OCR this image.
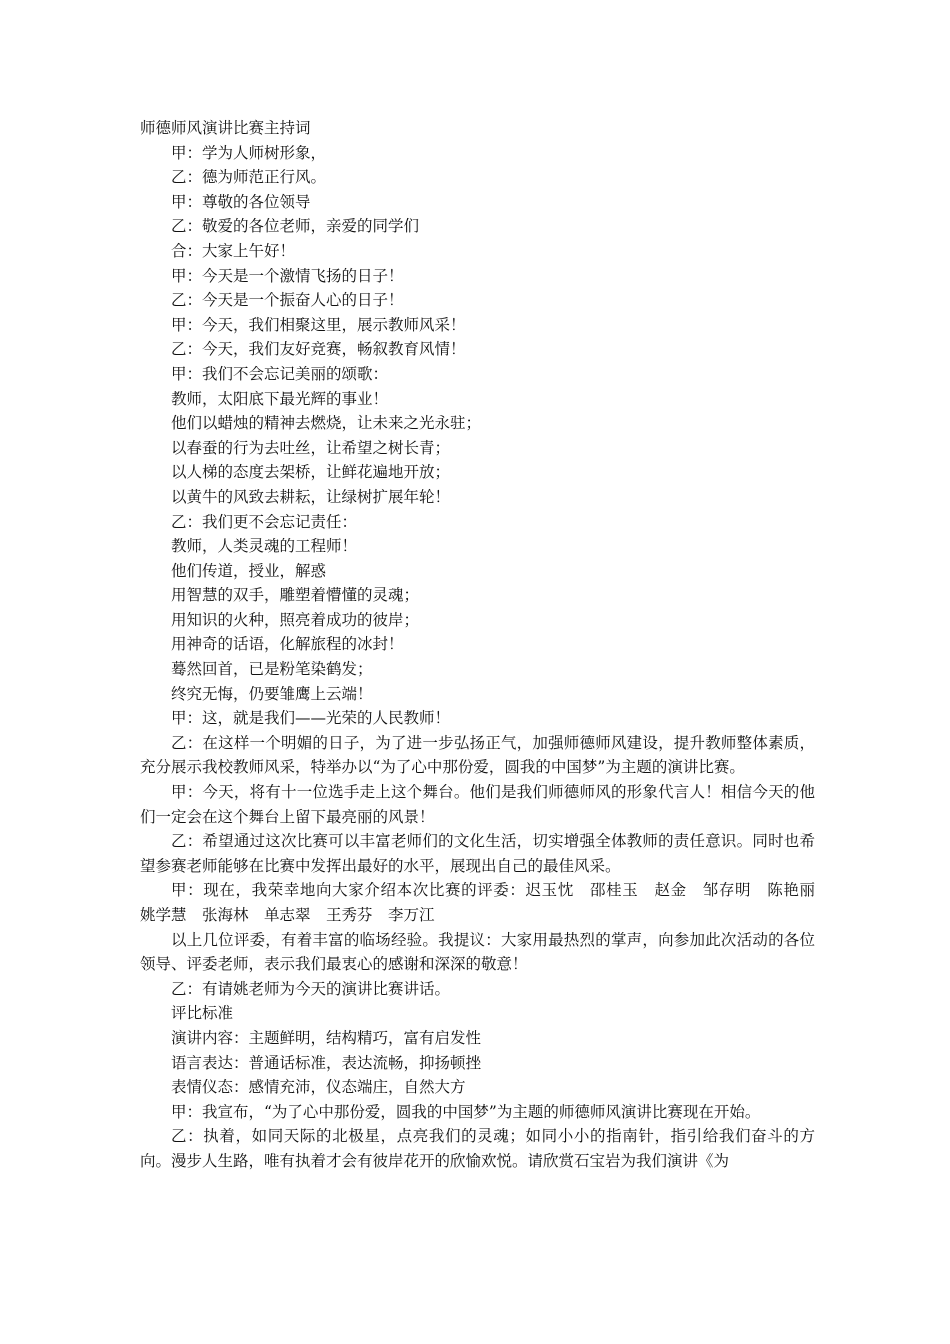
师德师风演讲比赛主持词

甲：学为人师树形象，

乙：德为师范正行风。

甲：尊敬的各位领导

乙：敬爱的各位老师，亲爱的同学们

合：大家上午好！

甲：今天是一个激情飞扬的日子！

乙：今天是一个振奋人心的日子！

甲：今天，我们相聚这里，展示教师风采！

乙：今天，我们友好竞赛，畅叙教育风情！

甲：我们不会忘记美丽的颂歌：

教师，太阳底下最光辉的事业！

他们以蜡烛的精神去燃烧，让未来之光永驻；

以春蚕的行为去吐丝，让希望之树长青；

以人梯的态度去架桥，让鲜花遍地开放；

以黄牛的风致去耕耘，让绿树扩展年轮！

乙：我们更不会忘记责任：

教师，人类灵魂的工程师！

他们传道，授业，解惑

用智慧的双手，雕塑着懵懂的灵魂；

用知识的火种，照亮着成功的彼岸；

用神奇的话语，化解旅程的冰封！

蓦然回首，已是粉笔染鹤发；

终究无悔，仍要雏鹰上云端！

甲：这，就是我们——光荣的人民教师！

乙：在这样一个明媚的日子，为了进一步弘扬正气，加强师德师风建设，提升教师整体素质，充分展示我校教师风采，特举办以“为了心中那份爱，圆我的中国梦”为主题的演讲比赛。

甲：今天，将有十一位选手走上这个舞台。他们是我们师德师风的形象代言人！相信今天的他们一定会在这个舞台上留下最亮丽的风景！

乙：希望通过这次比赛可以丰富老师们的文化生活，切实增强全体教师的责任意识。同时也希望参赛老师能够在比赛中发挥出最好的水平，展现出自己的最佳风采。

甲：现在，我荣幸地向大家介绍本次比赛的评委：迟玉忱　邵桂玉　赵金　邹存明　陈艳丽　姚学慧　张海林　单志翠　王秀芬　李万江

以上几位评委，有着丰富的临场经验。我提议：大家用最热烈的掌声，向参加此次活动的各位领导、评委老师，表示我们最衷心的感谢和深深的敬意！

乙：有请姚老师为今天的演讲比赛讲话。

评比标准

演讲内容：主题鲜明，结构精巧，富有启发性

语言表达：普通话标准，表达流畅，抑扬顿挫

表情仪态：感情充沛，仪态端庄，自然大方

甲：我宣布，“为了心中那份爱，圆我的中国梦”为主题的师德师风演讲比赛现在开始。

乙：执着，如同天际的北极星，点亮我们的灵魂；如同小小的指南针，指引给我们奋斗的方向。漫步人生路，唯有执着才会有彼岸花开的欣愉欢悦。请欣赏石宝岩为我们演讲《为
